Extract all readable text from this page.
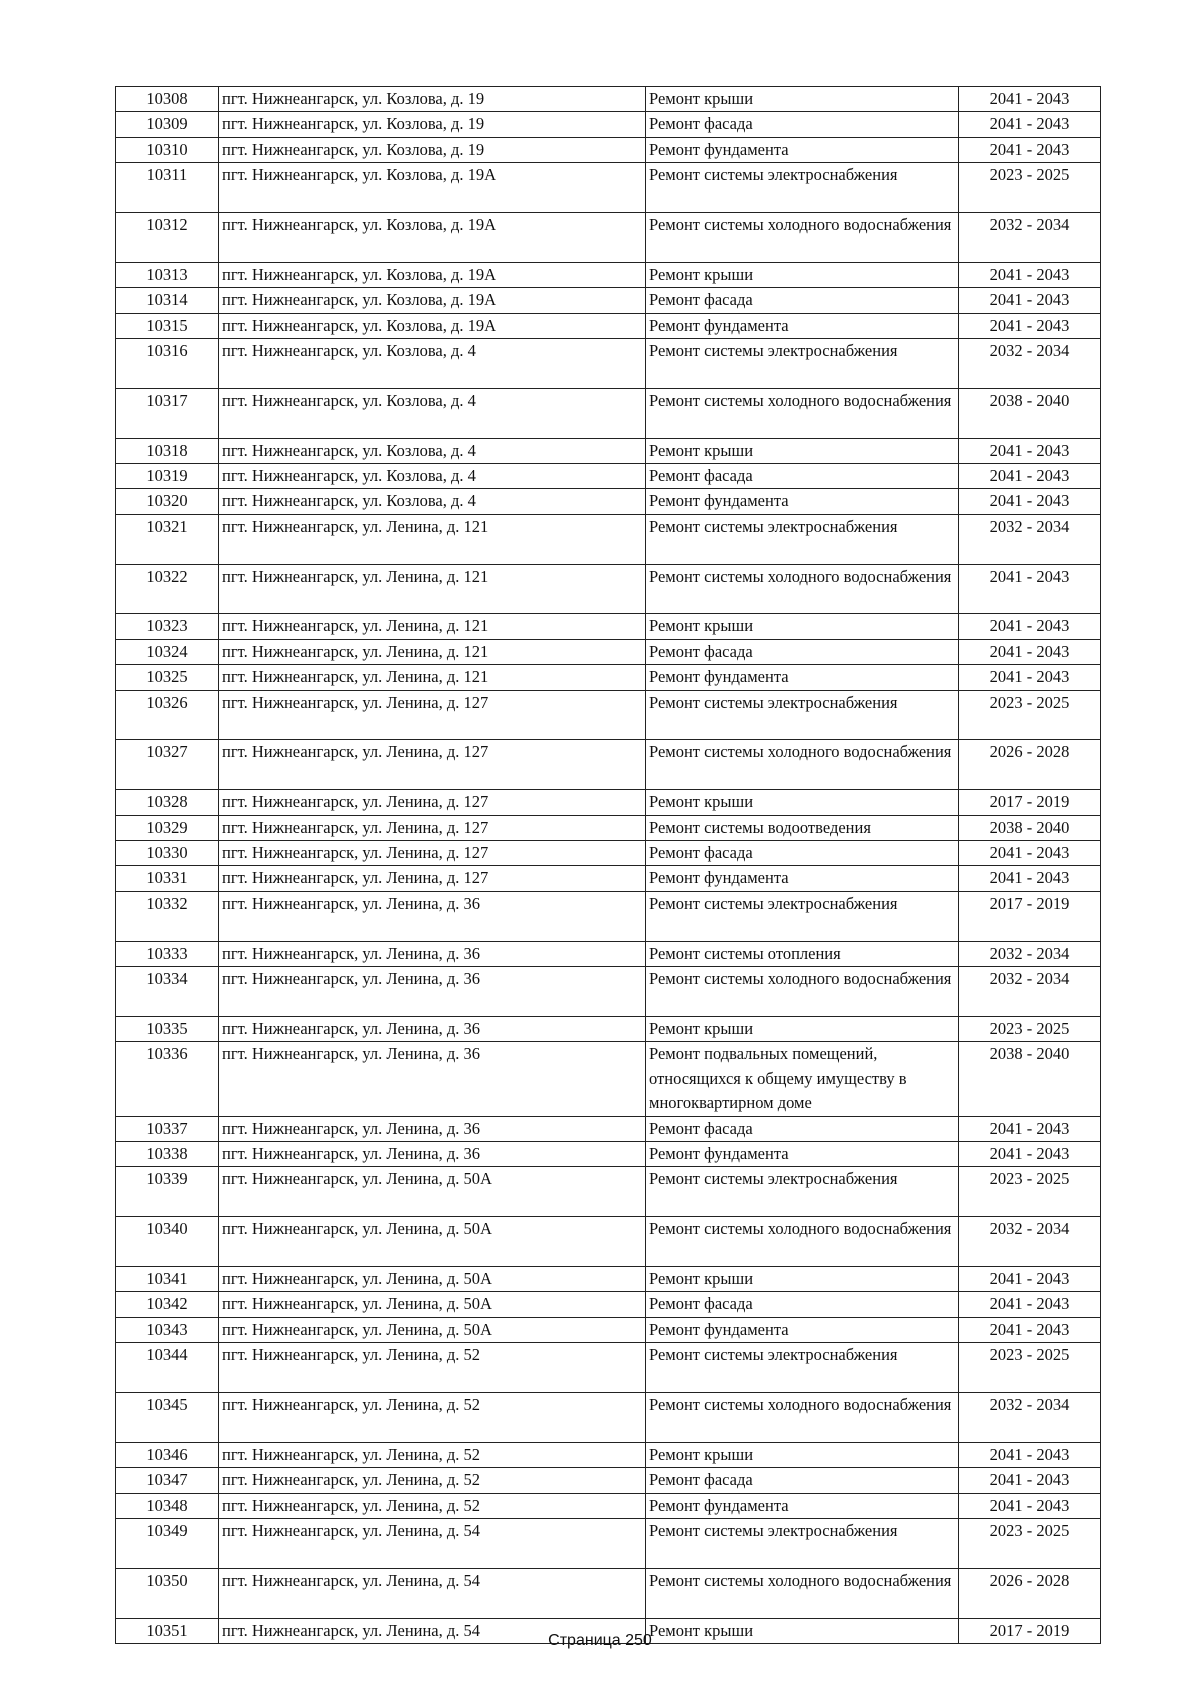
10308	пгт. Нижнеангарск, ул. Козлова, д. 19	Ремонт крыши	2041 - 2043
10309	пгт. Нижнеангарск, ул. Козлова, д. 19	Ремонт фасада	2041 - 2043
10310	пгт. Нижнеангарск, ул. Козлова, д. 19	Ремонт фундамента	2041 - 2043
10311	пгт. Нижнеангарск, ул. Козлова, д. 19А	Ремонт системы электроснабжения	2023 - 2025
10312	пгт. Нижнеангарск, ул. Козлова, д. 19А	Ремонт системы холодного водоснабжения	2032 - 2034
10313	пгт. Нижнеангарск, ул. Козлова, д. 19А	Ремонт крыши	2041 - 2043
10314	пгт. Нижнеангарск, ул. Козлова, д. 19А	Ремонт фасада	2041 - 2043
10315	пгт. Нижнеангарск, ул. Козлова, д. 19А	Ремонт фундамента	2041 - 2043
10316	пгт. Нижнеангарск, ул. Козлова, д. 4	Ремонт системы электроснабжения	2032 - 2034
10317	пгт. Нижнеангарск, ул. Козлова, д. 4	Ремонт системы холодного водоснабжения	2038 - 2040
10318	пгт. Нижнеангарск, ул. Козлова, д. 4	Ремонт крыши	2041 - 2043
10319	пгт. Нижнеангарск, ул. Козлова, д. 4	Ремонт фасада	2041 - 2043
10320	пгт. Нижнеангарск, ул. Козлова, д. 4	Ремонт фундамента	2041 - 2043
10321	пгт. Нижнеангарск, ул. Ленина, д. 121	Ремонт системы электроснабжения	2032 - 2034
10322	пгт. Нижнеангарск, ул. Ленина, д. 121	Ремонт системы холодного водоснабжения	2041 - 2043
10323	пгт. Нижнеангарск, ул. Ленина, д. 121	Ремонт крыши	2041 - 2043
10324	пгт. Нижнеангарск, ул. Ленина, д. 121	Ремонт фасада	2041 - 2043
10325	пгт. Нижнеангарск, ул. Ленина, д. 121	Ремонт фундамента	2041 - 2043
10326	пгт. Нижнеангарск, ул. Ленина, д. 127	Ремонт системы электроснабжения	2023 - 2025
10327	пгт. Нижнеангарск, ул. Ленина, д. 127	Ремонт системы холодного водоснабжения	2026 - 2028
10328	пгт. Нижнеангарск, ул. Ленина, д. 127	Ремонт крыши	2017 - 2019
10329	пгт. Нижнеангарск, ул. Ленина, д. 127	Ремонт системы водоотведения	2038 - 2040
10330	пгт. Нижнеангарск, ул. Ленина, д. 127	Ремонт фасада	2041 - 2043
10331	пгт. Нижнеангарск, ул. Ленина, д. 127	Ремонт фундамента	2041 - 2043
10332	пгт. Нижнеангарск, ул. Ленина, д. 36	Ремонт системы электроснабжения	2017 - 2019
10333	пгт. Нижнеангарск, ул. Ленина, д. 36	Ремонт системы отопления	2032 - 2034
10334	пгт. Нижнеангарск, ул. Ленина, д. 36	Ремонт системы холодного водоснабжения	2032 - 2034
10335	пгт. Нижнеангарск, ул. Ленина, д. 36	Ремонт крыши	2023 - 2025
10336	пгт. Нижнеангарск, ул. Ленина, д. 36	Ремонт подвальных помещений, относящихся к общему имуществу в многоквартирном доме	2038 - 2040
10337	пгт. Нижнеангарск, ул. Ленина, д. 36	Ремонт фасада	2041 - 2043
10338	пгт. Нижнеангарск, ул. Ленина, д. 36	Ремонт фундамента	2041 - 2043
10339	пгт. Нижнеангарск, ул. Ленина, д. 50А	Ремонт системы электроснабжения	2023 - 2025
10340	пгт. Нижнеангарск, ул. Ленина, д. 50А	Ремонт системы холодного водоснабжения	2032 - 2034
10341	пгт. Нижнеангарск, ул. Ленина, д. 50А	Ремонт крыши	2041 - 2043
10342	пгт. Нижнеангарск, ул. Ленина, д. 50А	Ремонт фасада	2041 - 2043
10343	пгт. Нижнеангарск, ул. Ленина, д. 50А	Ремонт фундамента	2041 - 2043
10344	пгт. Нижнеангарск, ул. Ленина, д. 52	Ремонт системы электроснабжения	2023 - 2025
10345	пгт. Нижнеангарск, ул. Ленина, д. 52	Ремонт системы холодного водоснабжения	2032 - 2034
10346	пгт. Нижнеангарск, ул. Ленина, д. 52	Ремонт крыши	2041 - 2043
10347	пгт. Нижнеангарск, ул. Ленина, д. 52	Ремонт фасада	2041 - 2043
10348	пгт. Нижнеангарск, ул. Ленина, д. 52	Ремонт фундамента	2041 - 2043
10349	пгт. Нижнеангарск, ул. Ленина, д. 54	Ремонт системы электроснабжения	2023 - 2025
10350	пгт. Нижнеангарск, ул. Ленина, д. 54	Ремонт системы холодного водоснабжения	2026 - 2028
10351	пгт. Нижнеангарск, ул. Ленина, д. 54	Ремонт крыши	2017 - 2019
Страница 250
